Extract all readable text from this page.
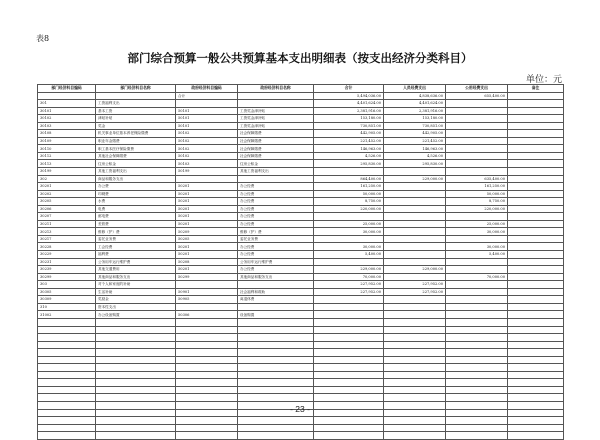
表8
部门综合预算一般公共预算基本支出明细表（按支出经济分类科目）
单位：元
部门经济科目编码	部门经济科目名称	政府经济科目编码	政府经济科目名称	合计	人员经费支出	公用经费支出	备注
		合计		5,494,036.00	4,838,636.00	655,400.00	
301	工资福利支出			4,401,624.00	4,401,624.00		
30101	基本工资	50101	工资奖金津补贴	2,381,916.00	2,381,916.00		
30102	津贴补贴	50101	工资奖金津补贴	153,180.00	153,180.00		
30103	奖金	50101	工资奖金津补贴	730,851.00	730,851.00		
30108	机关事业单位基本养老保险缴费	50102	社会保障缴费	442,905.00	442,905.00		
30109	职业年金缴费	50102	社会保障缴费	221,452.00	221,452.00		
30110	职工基本医疗保险缴费	50102	社会保障缴费	146,963.00	146,963.00		
30112	其他社会保障缴费	50102	社会保障缴费	4,526.00	4,526.00		
30113	住房公积金	50103	住房公积金	295,830.00	295,830.00		
30199	其他工资福利支出	50199	其他工资福利支出				
302	商品和服务支出			864,400.00	229,000.00	635,400.00	
30201	办公费	50201	办公经费	161,250.00		161,250.00	
30202	印刷费	50201	办公经费	50,000.00		50,000.00	
30205	水费	50201	办公经费	8,750.00		8,750.00	
30206	电费	50201	办公经费	220,000.00		220,000.00	
30207	邮电费	50201	办公经费				
30211	差旅费	50201	办公经费	25,000.00		25,000.00	
30213	维修（护）费	50209	维修（护）费	30,000.00		30,000.00	
30217	委托业务费	50205	委托业务费				
30228	工会经费	50201	办公经费	30,000.00		30,000.00	
30229	福利费	50201	办公经费	5,400.00		5,400.00	
30231	公务用车运行维护费	50208	公务用车运行维护费				
30239	其他交通费用	50201	办公经费	229,000.00	229,000.00		
30299	其他商品和服务支出	50299	其他商品和服务支出	70,000.00		70,000.00	
303	对个人和家庭的补助			227,952.00	227,952.00		
30305	生活补助	50901	社会福利和救助	227,952.00	227,952.00		
30309	奖励金	50905	离退休费				
310	资本性支出						
31002	办公设备购置	50306	设备购置				

- 23 -
